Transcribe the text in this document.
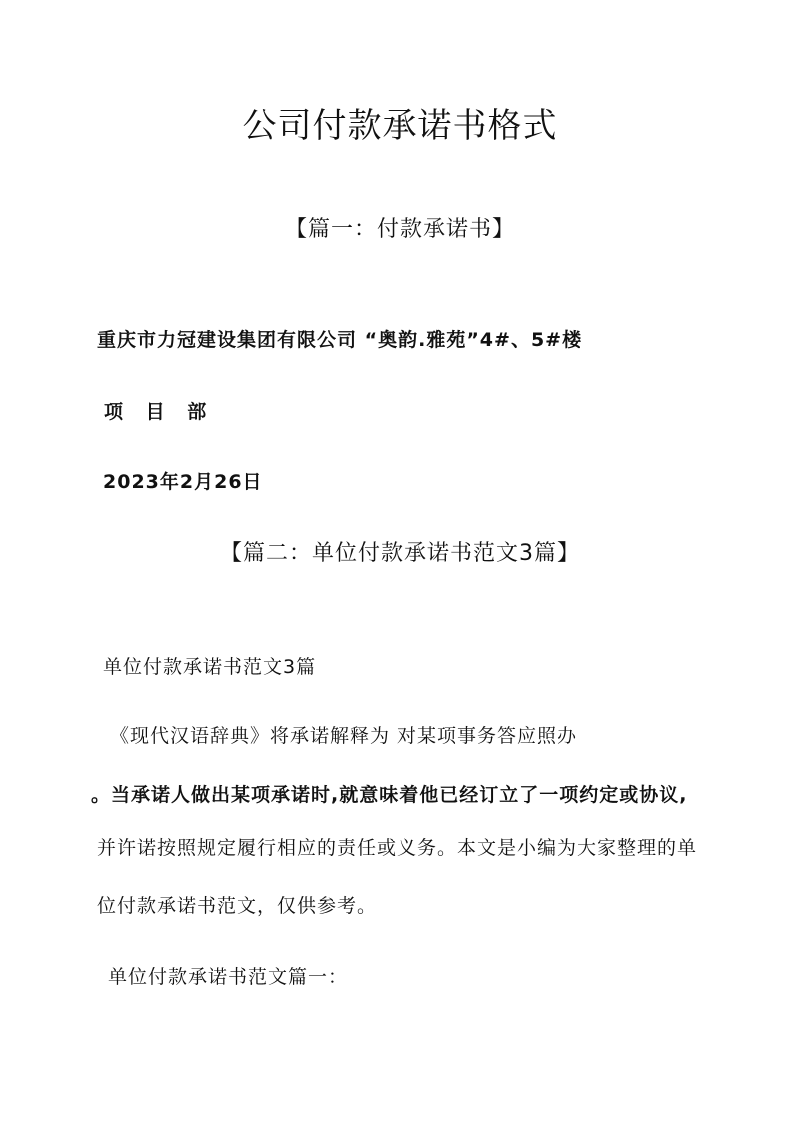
公司付款承诺书格式
【篇一：付款承诺书】
重庆市力冠建设集团有限公司 “奥韵.雅苑”4#、5#楼
项 目 部
2023年2月26日
【篇二：单位付款承诺书范文3篇】
单位付款承诺书范文3篇
《现代汉语辞典》将承诺解释为 对某项事务答应照办
。当承诺人做出某项承诺时,就意味着他已经订立了一项约定或协议,
并许诺按照规定履行相应的责任或义务。本文是小编为大家整理的单
位付款承诺书范文，仅供参考。
单位付款承诺书范文篇一：
